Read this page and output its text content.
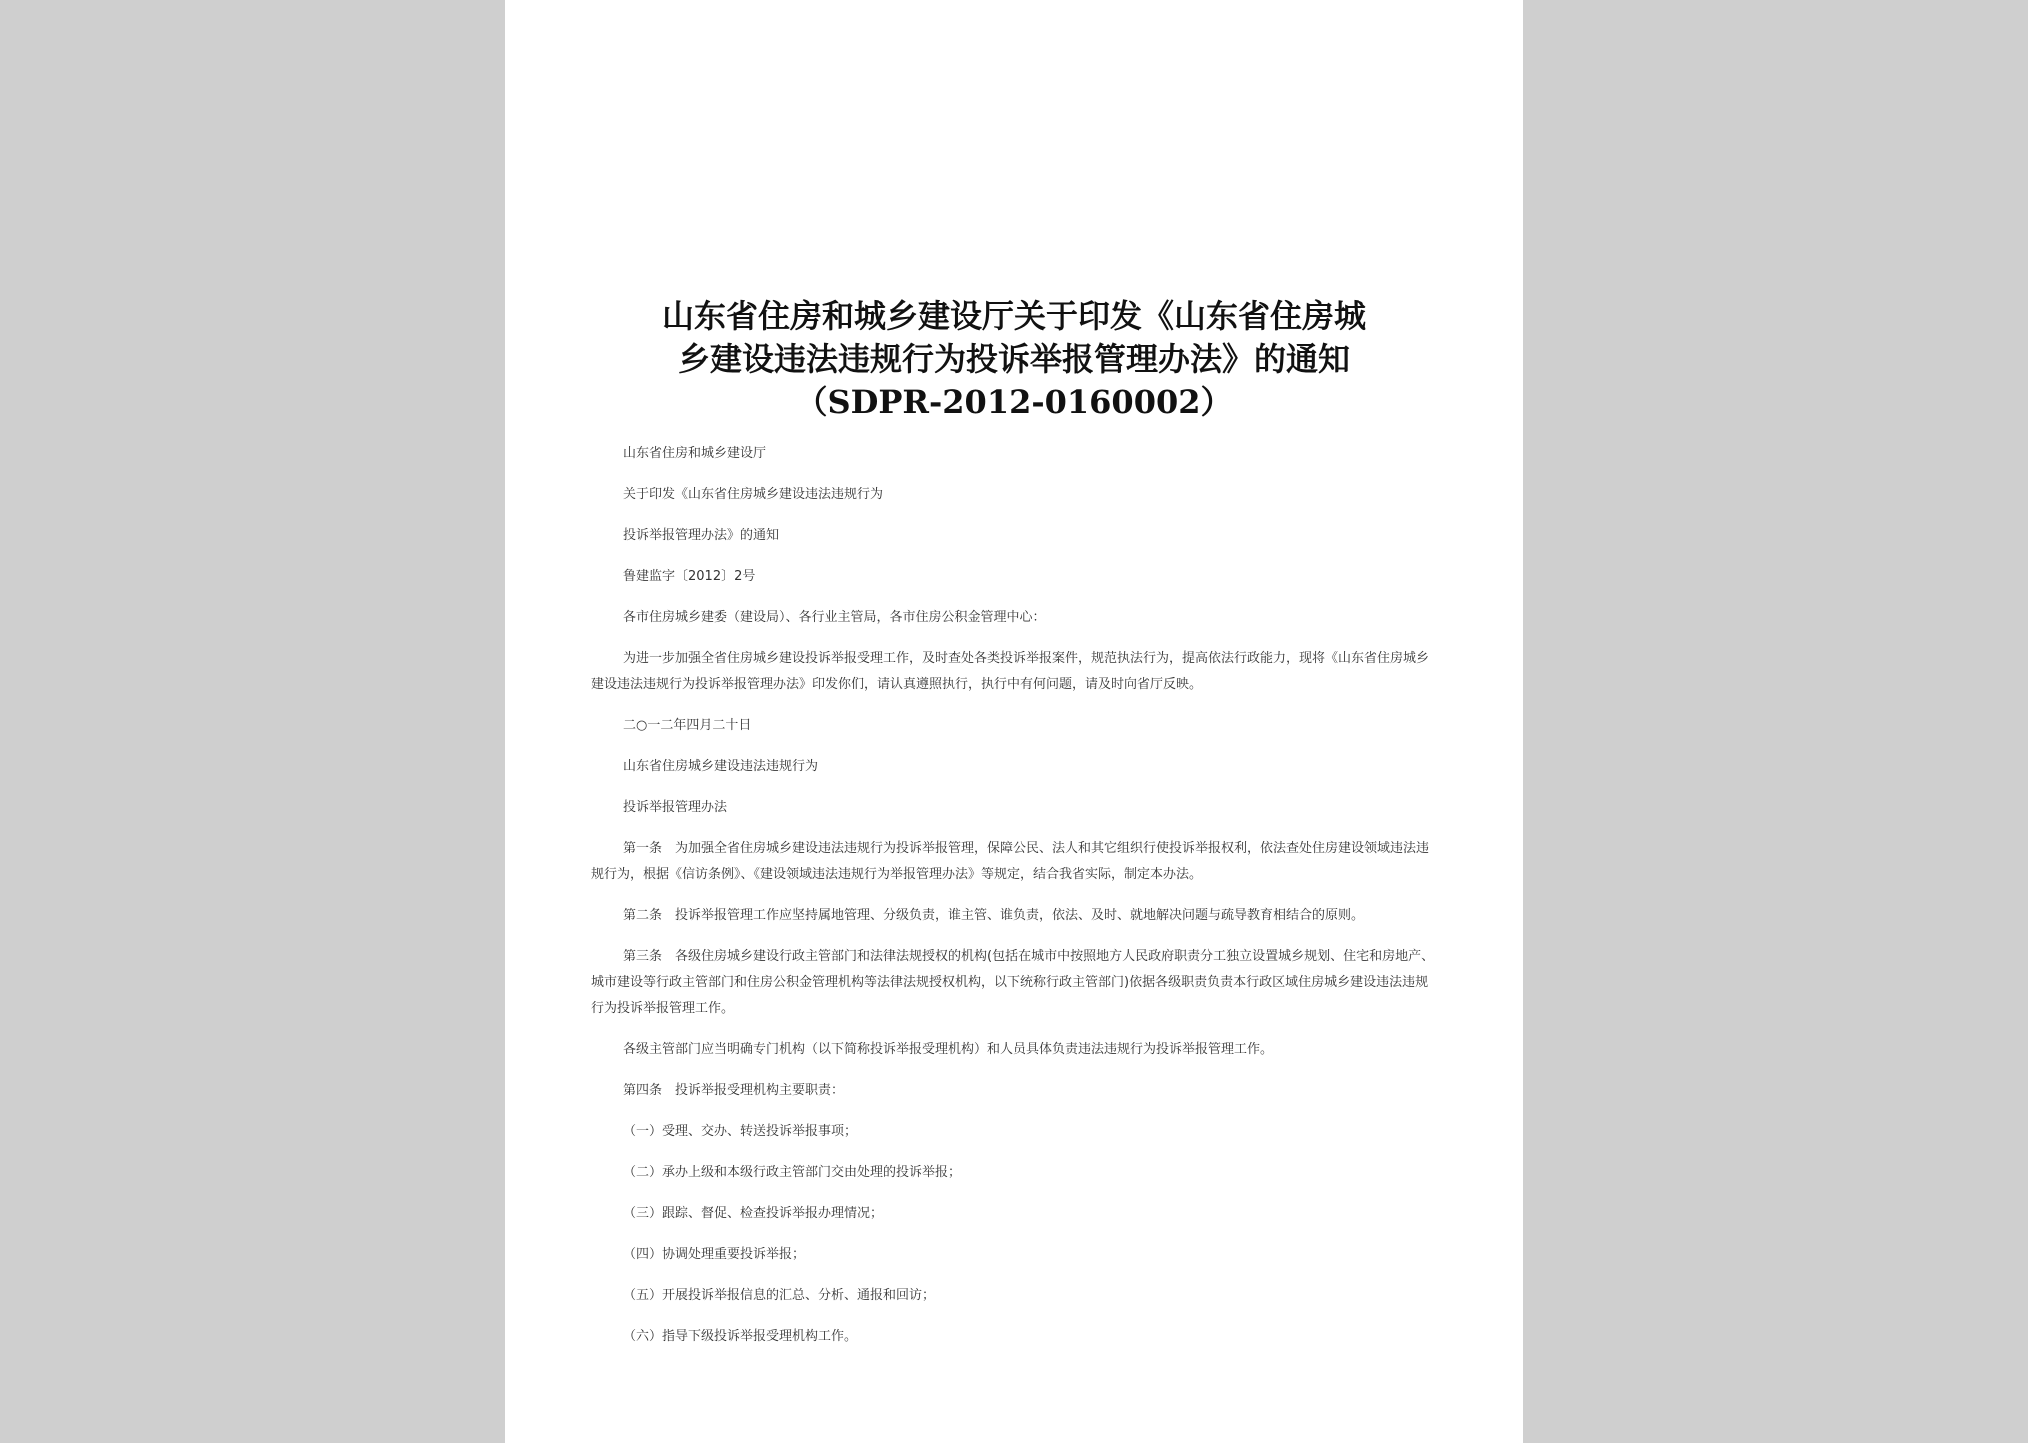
山东省住房和城乡建设厅关于印发《山东省住房城
乡建设违法违规行为投诉举报管理办法》的通知
（SDPR-2012-0160002）

山东省住房和城乡建设厅

关于印发《山东省住房城乡建设违法违规行为

投诉举报管理办法》的通知

鲁建监字〔2012〕2号

各市住房城乡建委（建设局）、各行业主管局，各市住房公积金管理中心：

为进一步加强全省住房城乡建设投诉举报受理工作，及时查处各类投诉举报案件，规范执法行为，提高依法行政能力，现将《山东省住房城乡建设违法违规行为投诉举报管理办法》印发你们，请认真遵照执行，执行中有何问题，请及时向省厅反映。

二○一二年四月二十日

山东省住房城乡建设违法违规行为

投诉举报管理办法

第一条　为加强全省住房城乡建设违法违规行为投诉举报管理，保障公民、法人和其它组织行使投诉举报权利，依法查处住房建设领域违法违规行为，根据《信访条例》、《建设领域违法违规行为举报管理办法》等规定，结合我省实际，制定本办法。

第二条　投诉举报管理工作应坚持属地管理、分级负责，谁主管、谁负责，依法、及时、就地解决问题与疏导教育相结合的原则。

第三条　各级住房城乡建设行政主管部门和法律法规授权的机构(包括在城市中按照地方人民政府职责分工独立设置城乡规划、住宅和房地产、城市建设等行政主管部门和住房公积金管理机构等法律法规授权机构，以下统称行政主管部门)依据各级职责负责本行政区域住房城乡建设违法违规行为投诉举报管理工作。

各级主管部门应当明确专门机构（以下简称投诉举报受理机构）和人员具体负责违法违规行为投诉举报管理工作。

第四条　投诉举报受理机构主要职责：

（一）受理、交办、转送投诉举报事项；

（二）承办上级和本级行政主管部门交由处理的投诉举报；

（三）跟踪、督促、检查投诉举报办理情况；

（四）协调处理重要投诉举报；

（五）开展投诉举报信息的汇总、分析、通报和回访；

（六）指导下级投诉举报受理机构工作。
